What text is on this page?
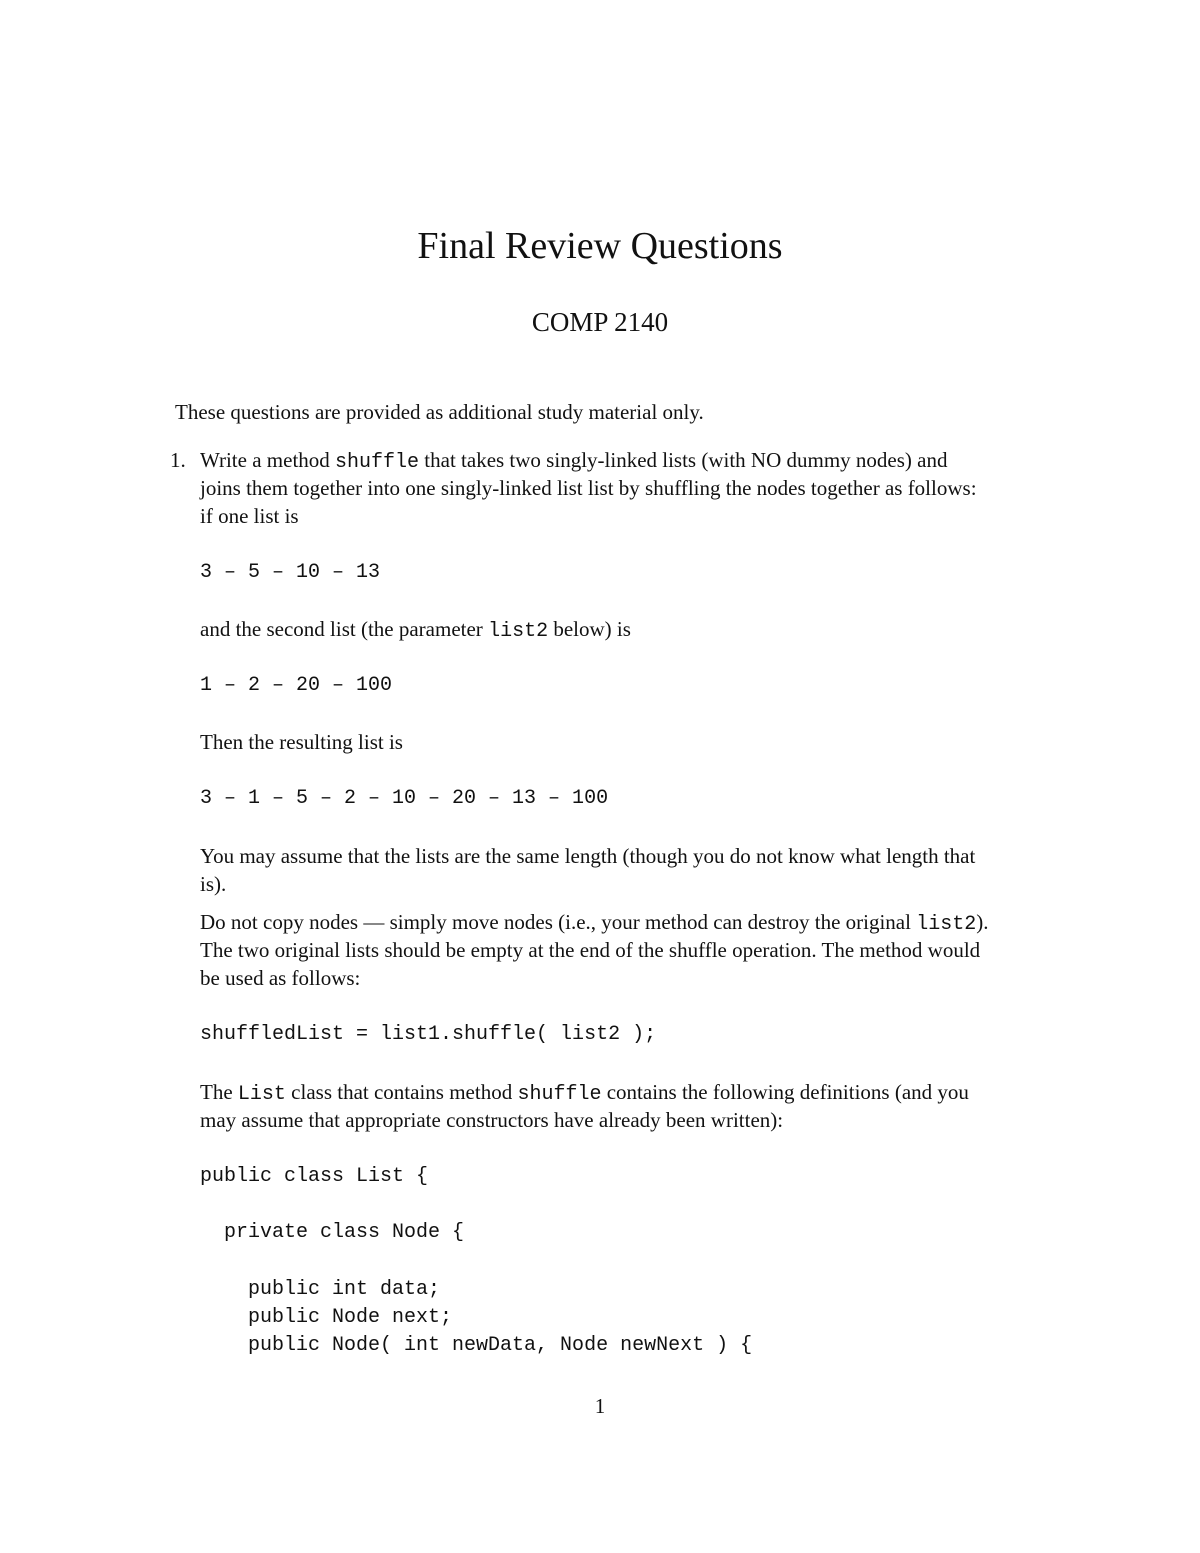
Final Review Questions
COMP 2140

These questions are provided as additional study material only.

1. Write a method shuffle that takes two singly-linked lists (with NO dummy nodes) and

joins them together into one singly-linked list list by shuffling the nodes together as follows:

if one list is

3 – 5 – 10 – 13

and the second list (the parameter list2 below) is

1 – 2 – 20 – 100

Then the resulting list is

3 – 1 – 5 – 2 – 10 – 20 – 13 – 100

You may assume that the lists are the same length (though you do not know what length that

is).

Do not copy nodes — simply move nodes (i.e., your method can destroy the original list2).

The two original lists should be empty at the end of the shuffle operation. The method would

be used as follows:

shuffledList = list1.shuffle( list2 );

The List class that contains method shuffle contains the following definitions (and you

may assume that appropriate constructors have already been written):

public class List {
private class Node {
public int data;
public Node next;
public Node( int newData, Node newNext ) {
1
